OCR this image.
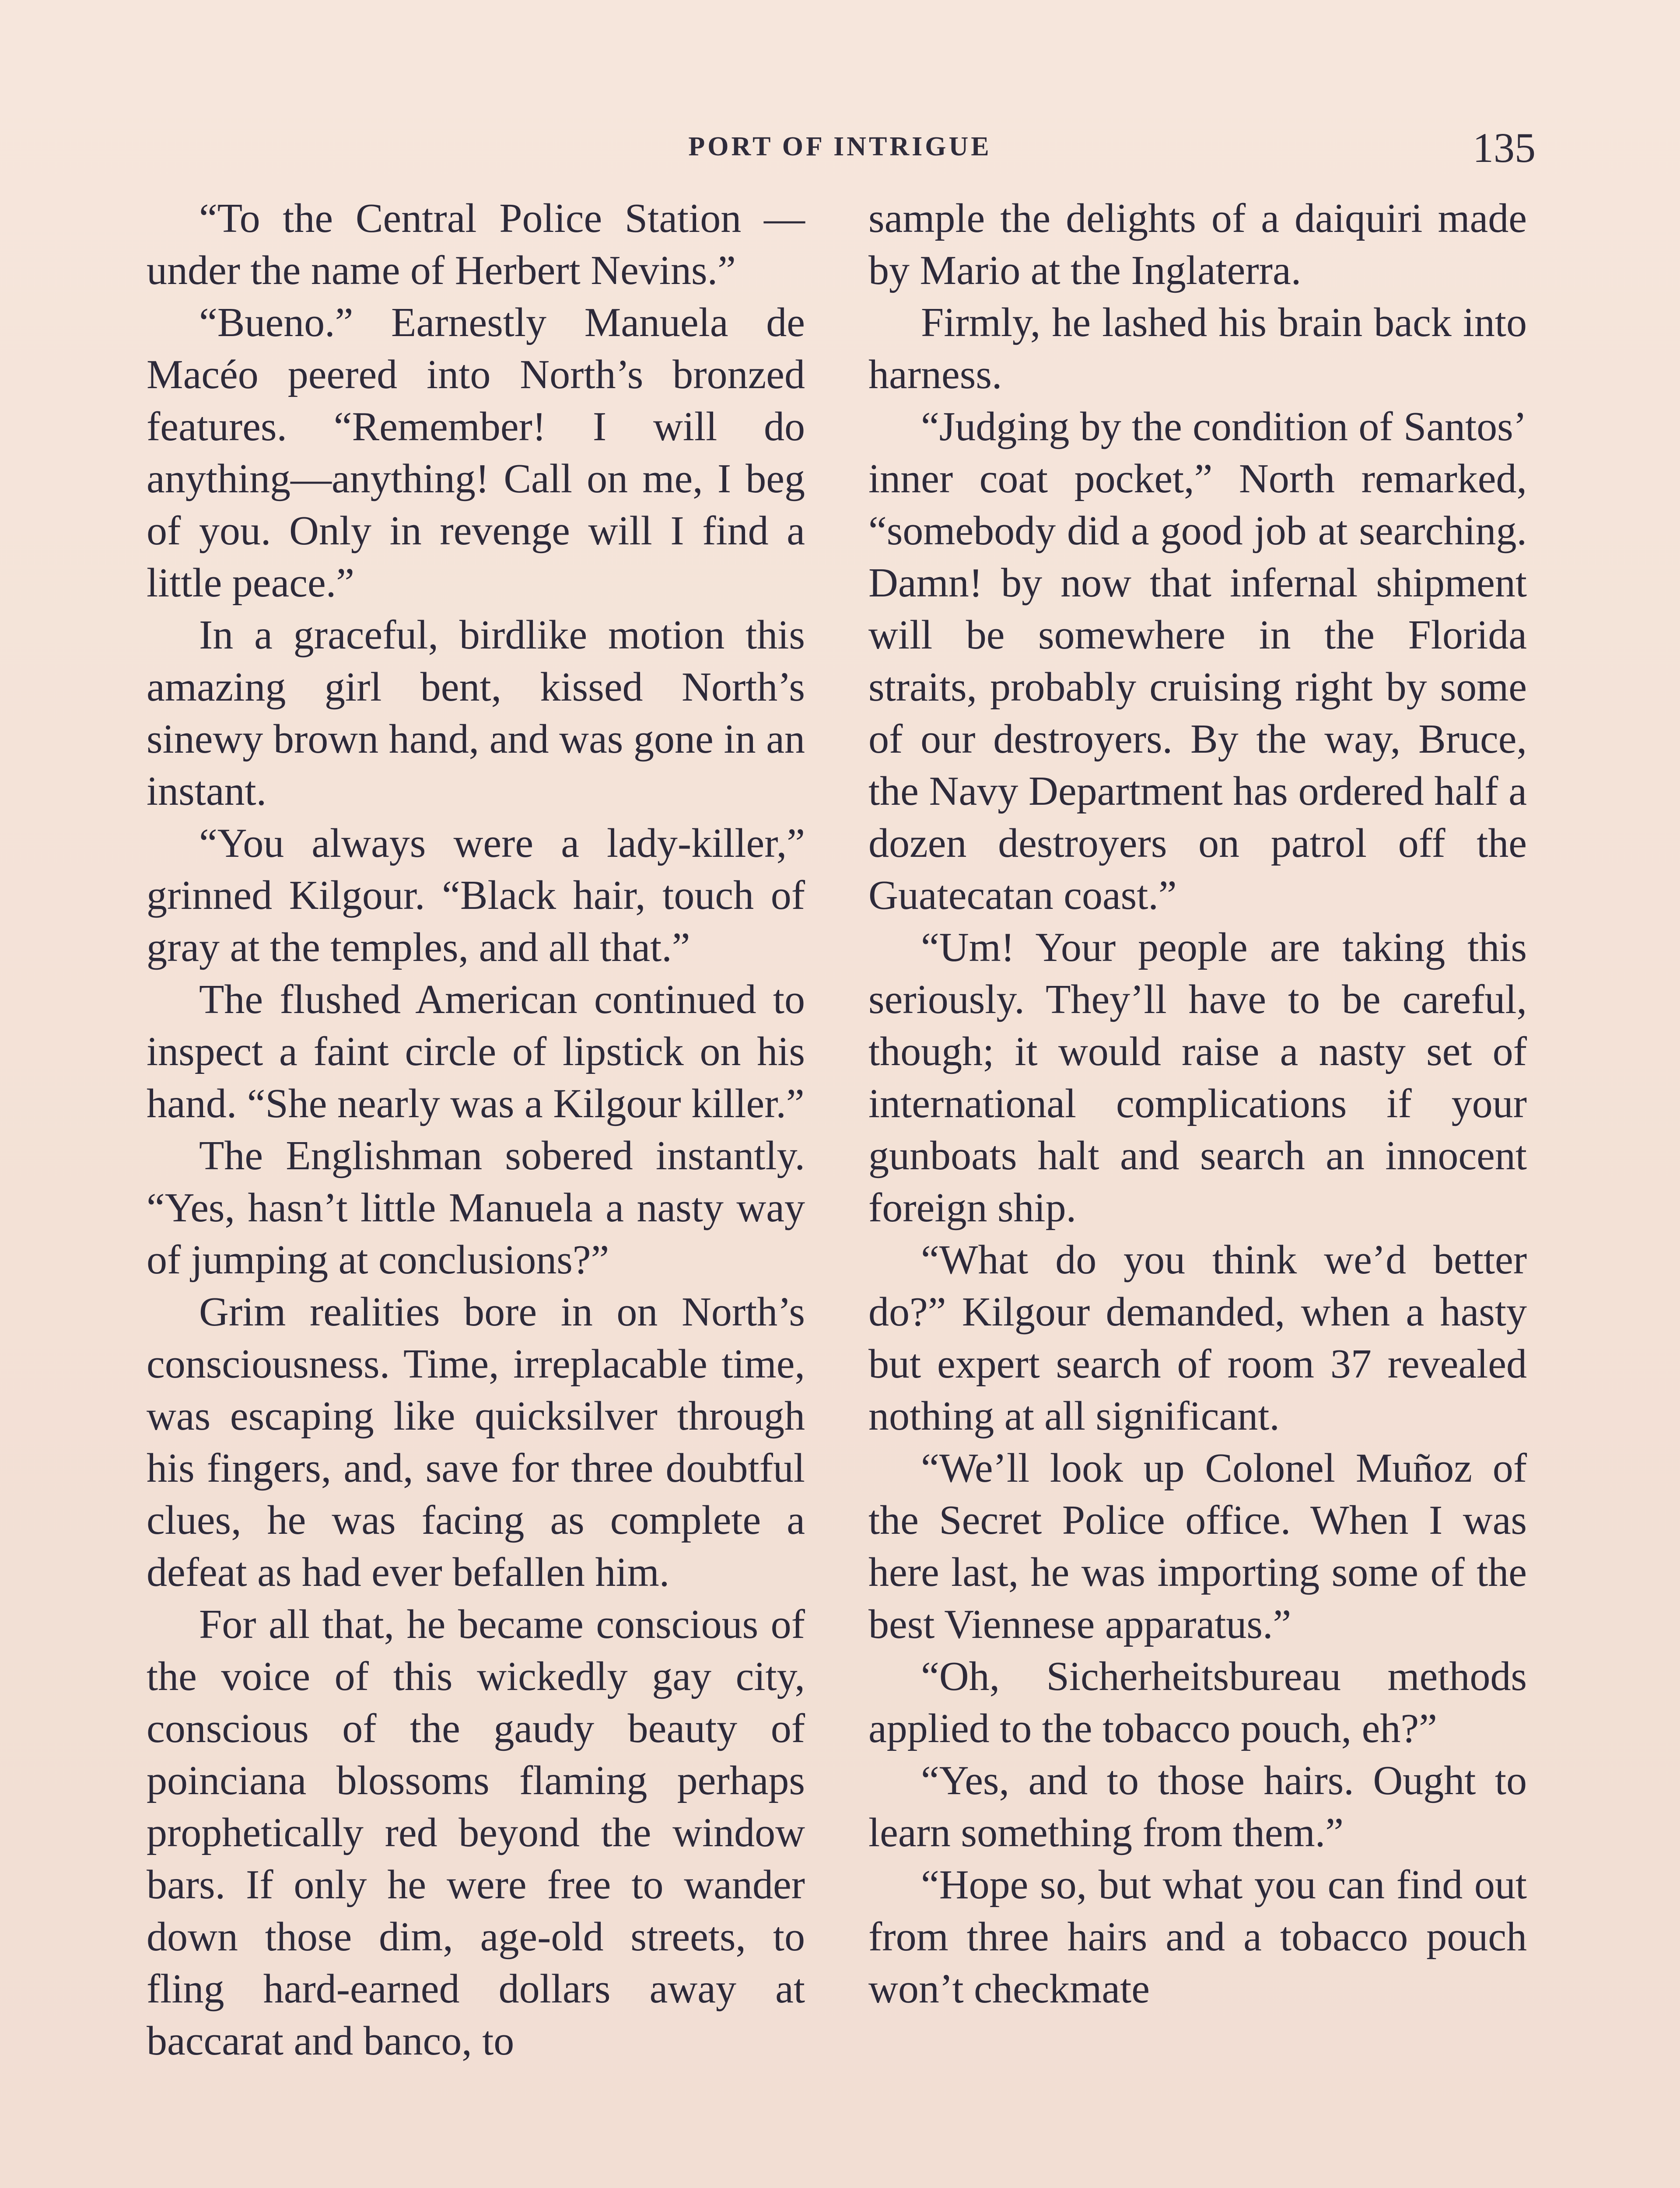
PORT OF INTRIGUE	135

“To the Central Police Station —under the name of Herbert Nevins.”

“Bueno.” Earnestly Manuela de Macéo peered into North’s bronzed features. “Remember! I will do anything—anything! Call on me, I beg of you. Only in revenge will I find a little peace.”

In a graceful, birdlike motion this amazing girl bent, kissed North’s sinewy brown hand, and was gone in an instant.

“You always were a lady-killer,” grinned Kilgour. “Black hair, touch of gray at the temples, and all that.”

The flushed American continued to inspect a faint circle of lipstick on his hand. “She nearly was a Kilgour killer.”

The Englishman sobered instantly. “Yes, hasn’t little Manuela a nasty way of jumping at conclusions?”

Grim realities bore in on North’s consciousness. Time, irreplacable time, was escaping like quicksilver through his fingers, and, save for three doubtful clues, he was facing as complete a defeat as had ever befallen him.

For all that, he became conscious of the voice of this wickedly gay city, conscious of the gaudy beauty of poinciana blossoms flaming perhaps prophetically red beyond the window bars. If only he were free to wander down those dim, age-old streets, to fling hard-earned dollars away at baccarat and banco, to

sample the delights of a daiquiri made by Mario at the Inglaterra.

Firmly, he lashed his brain back into harness.

“Judging by the condition of Santos’ inner coat pocket,” North remarked, “somebody did a good job at searching. Damn! by now that infernal shipment will be somewhere in the Florida straits, probably cruising right by some of our destroyers. By the way, Bruce, the Navy Department has ordered half a dozen destroyers on patrol off the Guatecatan coast.”

“Um! Your people are taking this seriously. They’ll have to be careful, though; it would raise a nasty set of international complications if your gunboats halt and search an innocent foreign ship.

“What do you think we’d better do?” Kilgour demanded, when a hasty but expert search of room 37 revealed nothing at all significant.

“We’ll look up Colonel Muñoz of the Secret Police office. When I was here last, he was importing some of the best Viennese apparatus.”

“Oh, Sicherheitsbureau methods applied to the tobacco pouch, eh?”

“Yes, and to those hairs. Ought to learn something from them.”

“Hope so, but what you can find out from three hairs and a tobacco pouch won’t checkmate
